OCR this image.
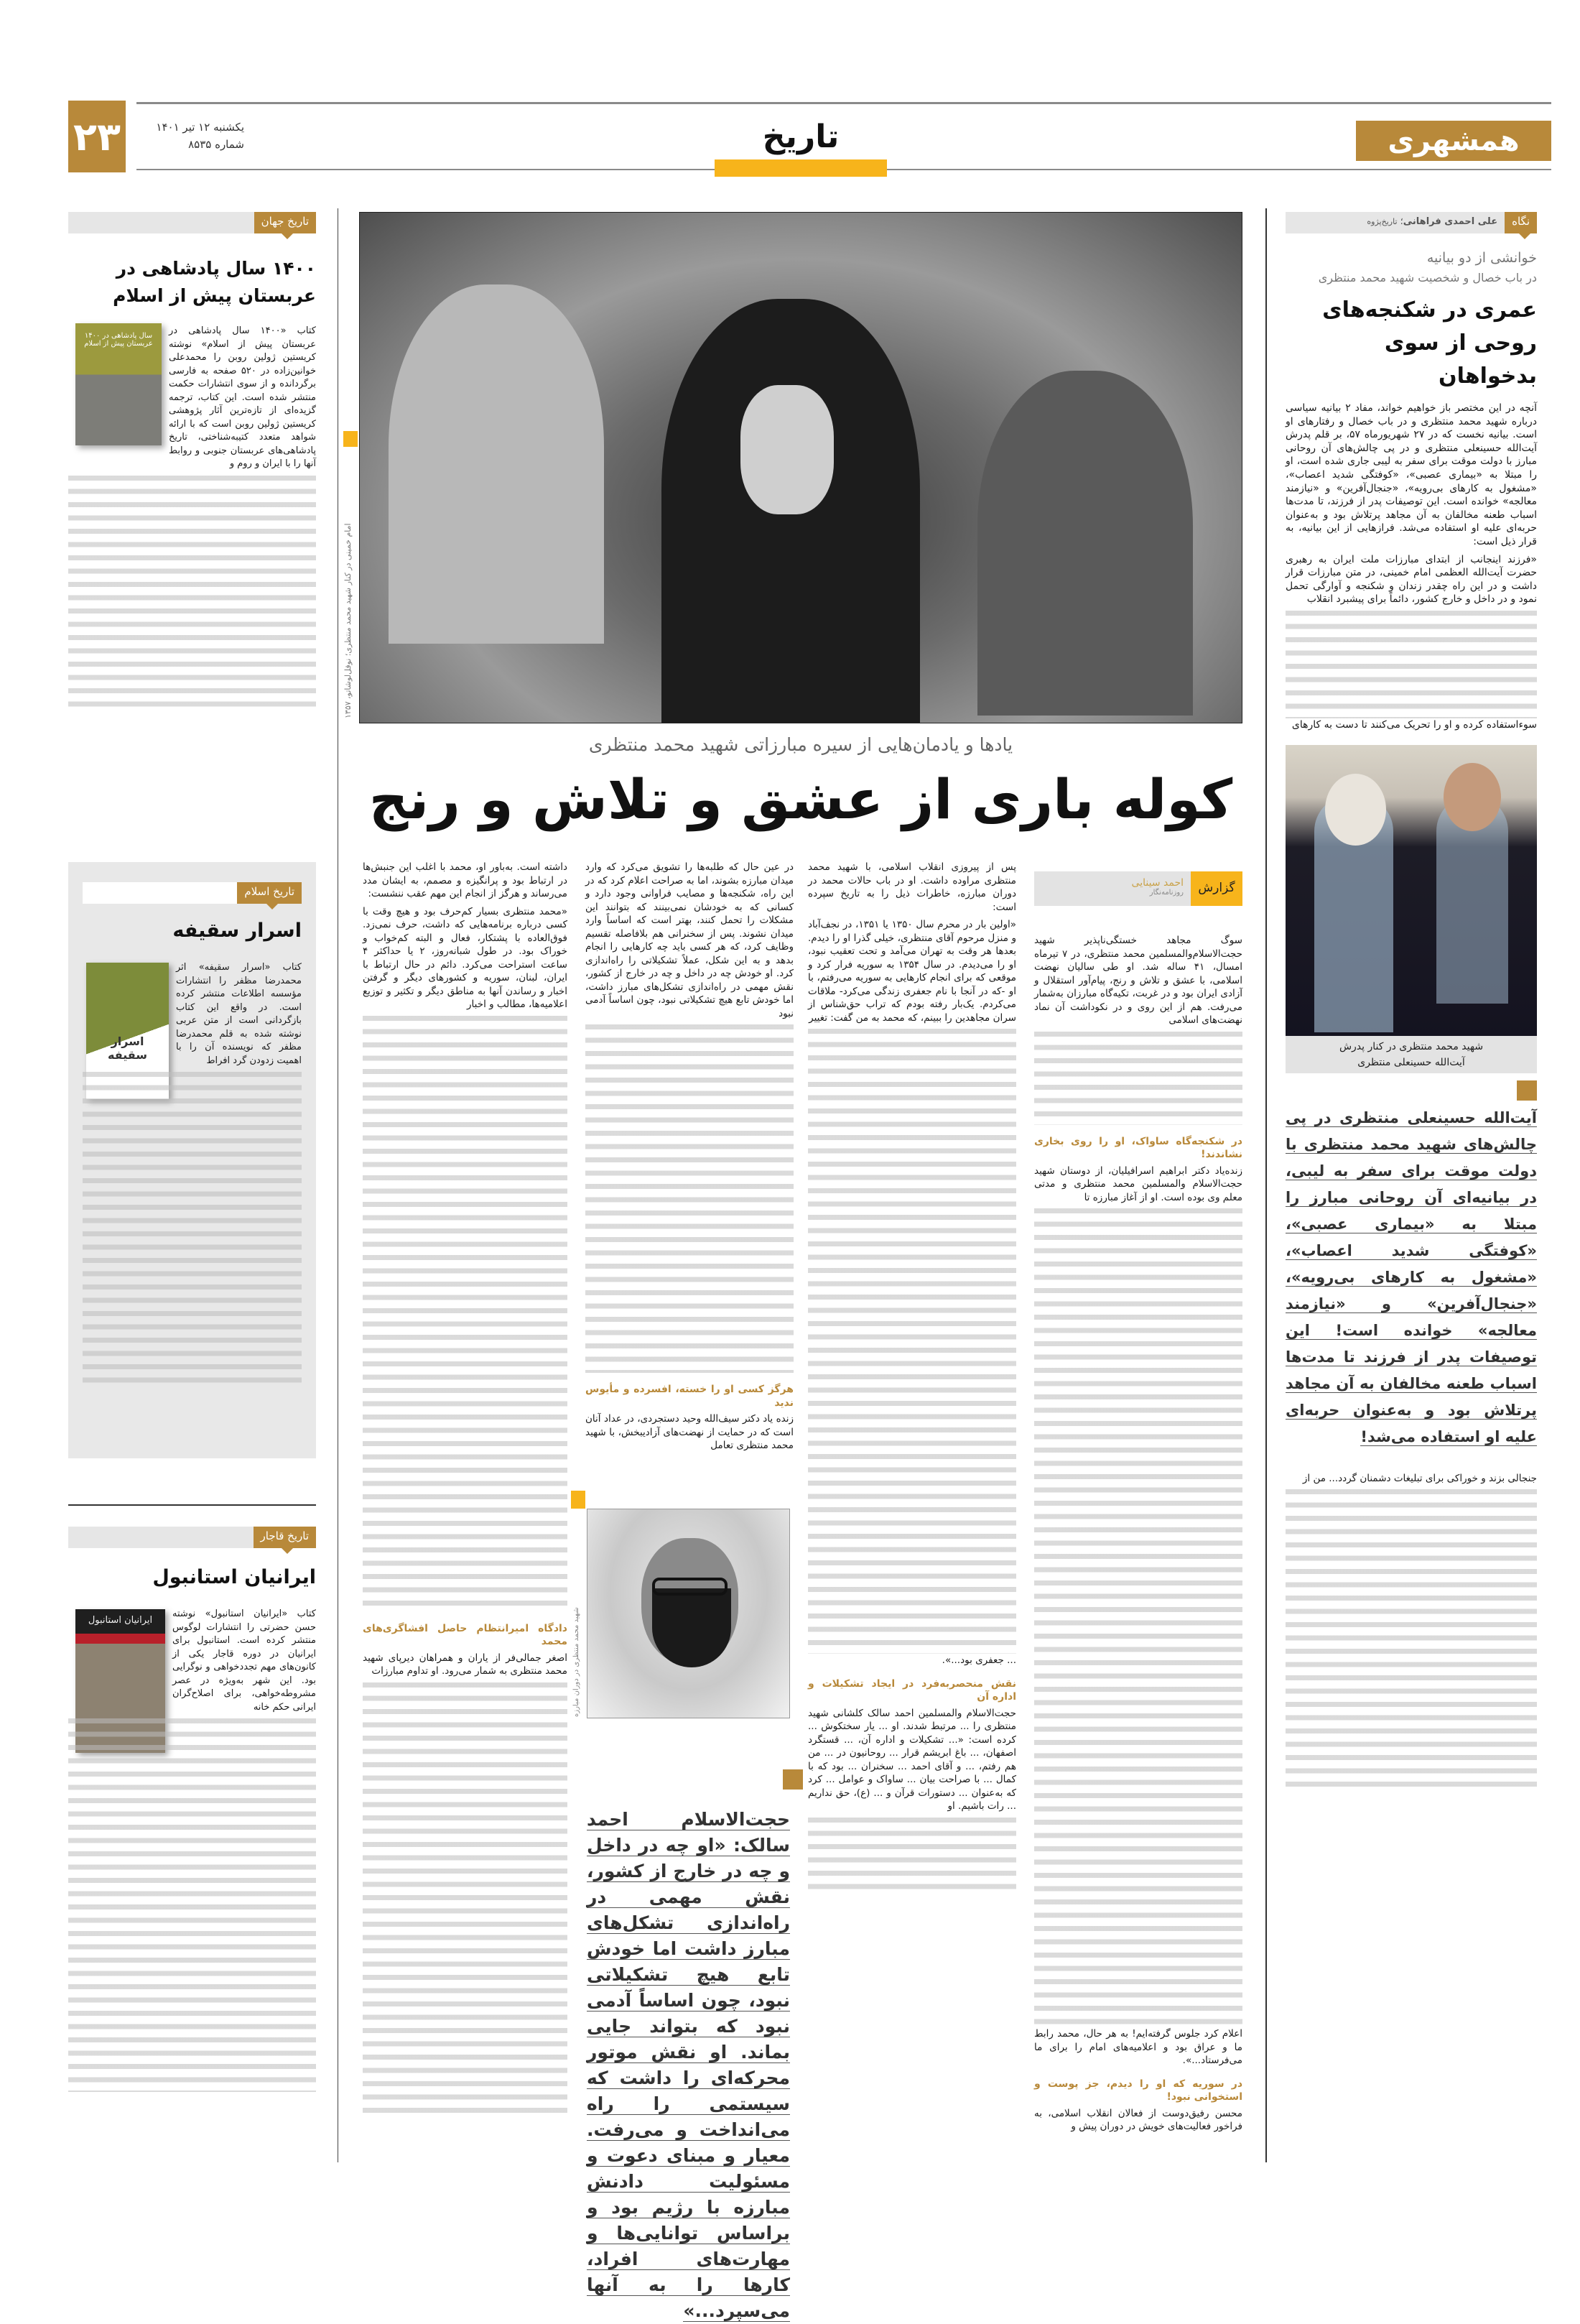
۲۳	یکشنبه ۱۲ تیر ۱۴۰۱
شماره ۸۵۳۵	تاریخ	همشهری
نگاه
علی احمدی فراهانی؛ تاریخ‌پژوه
خوانشی از دو بیانیه
در باب خصال و شخصیت شهید محمد منتظری
عمری در شکنجه‌های روحی از سوی بدخواهان

آنچه در این مختصر باز خواهیم خواند، مفاد ۲ بیانیه سیاسی درباره شهید محمد منتظری و در باب خصال و رفتارهای او است. بیانیه نخست که در ۲۷ شهریورماه ۵۷، بر قلم پدرش آیت‌الله حسینعلی منتظری و در پی چالش‌های آن روحانی مبارز با دولت موقت برای سفر به لیبی جاری شده است، او را مبتلا به «بیماری عصبی»، «کوفتگی شدید اعصاب»، «مشغول به کارهای بی‌رویه»، «جنجال‌آفرین» و «نیازمند معالجه» خوانده است. این توصیفات پدر از فرزند، تا مدت‌ها اسباب طعنه مخالفان به آن مجاهد پرتلاش بود و به‌عنوان حربه‌ای علیه او استفاده می‌شد. فرازهایی از این بیانیه، به قرار ذیل است:

«فرزند اینجانب از ابتدای مبارزات ملت ایران به رهبری حضرت آیت‌الله العظمی امام خمینی، در متن مبارزات قرار داشت و در این راه چقدر زندان و شکنجه و آوارگی تحمل نمود و در داخل و خارج کشور، دائماً برای پیشبرد انقلاب

سوءاستفاده کرده و او را تحریک می‌کنند تا دست به کارهای

شهید محمد منتظری در کنار پدرش
آیت‌الله حسینعلی منتظری
آیت‌الله حسینعلی منتظری در پی چالش‌های شهید محمد منتظری با دولت موقت برای سفر به لیبی، در بیانیه‌ای آن روحانی مبارز را مبتلا به «بیماری عصبی»، «کوفتگی شدید اعصاب»، «مشغول به کارهای بی‌رویه»، «جنجال‌آفرین» و «نیازمند معالجه» خوانده است! این توصیفات پدر از فرزند تا مدت‌ها اسباب طعنه مخالفان به آن مجاهد پرتلاش بود و به‌عنوان حربه‌ای علیه او استفاده می‌شد!

جنجالی بزند و خوراکی برای تبلیغات دشمنان گردد... من از

تاریخ جهان
۱۴۰۰ سال پادشاهی در عربستان پیش از اسلام
۱۴۰۰ سال پادشاهی در عربستان پیش از اسلام

کتاب «۱۴۰۰ سال پادشاهی در عربستان پیش از اسلام» نوشته کریستین ژولین روبن را محمدعلی خوانین‌زاده در ۵۲۰ صفحه به فارسی برگردانده و از سوی انتشارات حکمت منتشر شده است. این کتاب، ترجمه گزیده‌ای از تازه‌ترین آثار پژوهشی کریستین ژولین روبن است که با ارائه شواهد متعدد کتیبه‌شناختی، تاریخ پادشاهی‌های عربستان جنوبی و روابط آنها را با ایران و روم و

تاریخ اسلام
اسرار سقیفه
اسرار سقیفه

کتاب «اسرار سقیفه» اثر محمدرضا مظفر را انتشارات مؤسسه اطلاعات منتشر کرده است. در واقع این کتاب بازگردانی است از متن عربی نوشته شده به قلم محمدرضا مظفر که نویسنده آن را با اهمیت زدودن گرد افراط

تاریخ قاجار
ایرانیان استانبول
ایرانیان استانبول

کتاب «ایرانیان استانبول» نوشته حسن حضرتی را انتشارات لوگوس منتشر کرده است. استانبول برای ایرانیان در دوره قاجار یکی از کانون‌های مهم تجددخواهی و نوگرایی بود. این شهر به‌ویژه در عصر مشروطه‌خواهی، برای اصلاح‌گران ایرانی حکم خانه

امام خمینی در کنار شهید محمد منتظری؛ نوفل‌لوشاتو، ۱۳۵۷
یادها و یادمان‌هایی از سیره مبارزاتی شهید محمد منتظری
کوله باری از عشق و تلاش و رنج
گزارش
احمد سینایی
روزنامه‌نگار

سوگ مجاهد خستگی‌ناپذیر شهید حجت‌الاسلام‌والمسلمین محمد منتظری، در ۷ تیرماه امسال، ۴۱ ساله شد. او طی سالیان نهضت اسلامی، با عشق و تلاش و رنج، پیام‌آور استقلال و آزادی ایران بود و در غربت، تکیه‌گاه مبارزان به‌شمار می‌رفت. هم از این روی و در نکوداشت آن نماد نهضت‌های اسلامی

در شکنجه‌گاه ساواک، او را روی بخاری نشاندند!

زنده‌یاد دکتر ابراهیم اسرافیلیان، از دوستان شهید حجت‌الاسلام والمسلمین محمد منتظری و مدتی معلم وی بوده است. او از آغاز مبارزه تا

اعلام کرد جلوس گرفته‌ایم! به هر حال، محمد رابط ما و عراق بود و اعلامیه‌های امام را برای ما می‌فرستاد...».

در سوریه که او را دیدم، جز پوست و استخوانی نبود!

محسن رفیق‌دوست از فعالان انقلاب اسلامی، به فراخور فعالیت‌های خویش در دوران پیش و

پس از پیروزی انقلاب اسلامی، با شهید محمد منتظری مراوده داشت. او در باب حالات محمد در دوران مبارزه، خاطرات ذیل را به تاریخ سپرده است:

«اولین بار در محرم سال ۱۳۵۰ یا ۱۳۵۱، در نجف‌آباد و منزل مرحوم آقای منتظری، خیلی گذرا او را دیدم. بعدها هر وقت به تهران می‌آمد و تحت تعقیب نبود، او را می‌دیدم. در سال ۱۳۵۴ به سوریه فرار کرد و موقعی که برای انجام کارهایی به سوریه می‌رفتم، با او -که در آنجا با نام جعفری زندگی می‌کرد- ملاقات می‌کردم. یک‌بار رفته بودم که تراب حق‌شناس از سران مجاهدین را ببینم، که محمد به من گفت: تغییر

... جعفری بود...».

نقش منحصربه‌فرد در ایجاد تشکیلات و اداره آن

حجت‌الاسلام والمسلمین احمد سالک کلشانی شهید منتظری را ... مرتبط شدند. او ... یار سختکوش ... کرده است: «... تشکیلات و اداره آن، ... قستگرد اصفهان، ... باغ ابریشم قرار ... روحانیون در ... من هم رفتم، ... و آقای احمد ... سخنران ... بود که با کمال ... با صراحت بیان ... ساواک و عوامل ... کرد که به‌عنوان ... دستورات قرآن و ... (ع)، حق نداریم ... رات باشیم. او

در عین حال که طلبه‌ها را تشویق می‌کرد که وارد میدان مبارزه بشوند، اما به صراحت اعلام کرد که در این راه، شکنجه‌ها و مصایب فراوانی وجود دارد و کسانی که به خودشان نمی‌بینند که بتوانند این مشکلات را تحمل کنند، بهتر است که اساساً وارد میدان نشوند. پس از سخنرانی هم بلافاصله تقسیم وظایف کرد، که هر کسی باید چه کارهایی را انجام بدهد و به این شکل، عملاً تشکیلاتی را راه‌اندازی کرد. او خودش چه در داخل و چه در خارج از کشور، نقش مهمی در راه‌اندازی تشکل‌های مبارز داشت، اما خودش تابع هیچ تشکیلاتی نبود، چون اساساً آدمی نبود

هرگز کسی او را خسته، افسرده و مأیوس ندید

زنده یاد دکتر سیف‌الله وحید دستجردی، در عداد آنان است که در حمایت از نهضت‌های آزادیبخش، با شهید محمد منتظری تعامل

شهید محمد منتظری در دوران مبارزه
حجت‌الاسلام احمد سالک: «او چه در داخل و چه در خارج از کشور، نقش مهمی در راه‌اندازی تشکل‌های مبارز داشت اما خودش تابع هیچ تشکیلاتی نبود، چون اساساً آدمی نبود که بتواند جایی بماند. او نقش موتور محرکه‌ای را داشت که سیستمی را راه می‌انداخت و می‌رفت. معیار و مبنای دعوت و مسئولیت دادنش مبارزه با رژیم بود و براساس توانایی‌ها و مهارت‌های افراد، کارها را به آنها می‌سپرد...»

داشته است. به‌باور او، محمد با اغلب این جنبش‌ها در ارتباط بود و پرانگیزه و مصمم، به ایشان مدد می‌رساند و هرگز از انجام این مهم عقب ننشست:

«محمد منتظری بسیار کم‌حرف بود و هیچ وقت با کسی درباره برنامه‌هایی که داشت، حرف نمی‌زد. فوق‌العاده با پشتکار، فعال و البته کم‌خواب و خوراک بود. در طول شبانه‌روز، ۲ یا حداکثر ۴ ساعت استراحت می‌کرد. دائم در حال ارتباط با ایران، لبنان، سوریه و کشورهای دیگر و گرفتن اخبار و رساندن آنها به مناطق دیگر و تکثیر و توزیع اعلامیه‌ها، مطالب و اخبار

دادگاه امیرانتظام حاصل افشاگری‌های محمد

اصغر جمالی‌فر از یاران و همراهان دیرپای شهید محمد منتظری به شمار می‌رود. او تداوم مبارزات
